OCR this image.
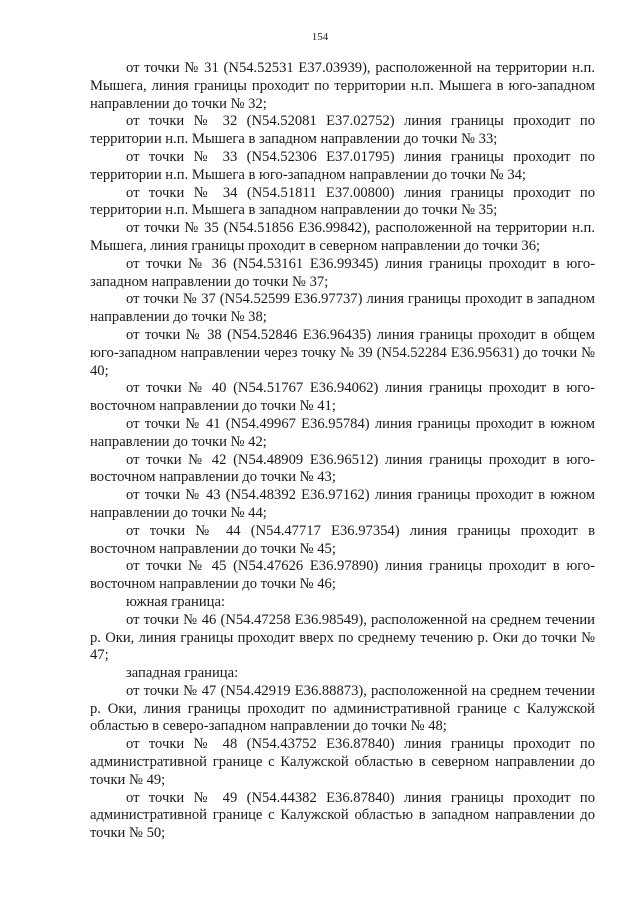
154

от точки № 31 (N54.52531 E37.03939), расположенной на территории н.п. Мышега, линия границы проходит по территории н.п. Мышега в юго-западном направлении до точки № 32;

от точки № 32 (N54.52081 E37.02752) линия границы проходит по территории н.п. Мышега в западном направлении до точки № 33;

от точки № 33 (N54.52306 E37.01795) линия границы проходит по территории н.п. Мышега в юго-западном направлении до точки № 34;

от точки № 34 (N54.51811 E37.00800) линия границы проходит по территории н.п. Мышега в западном направлении до точки № 35;

от точки № 35 (N54.51856 E36.99842), расположенной на территории н.п. Мышега, линия границы проходит в северном направлении до точки 36;

от точки № 36 (N54.53161 E36.99345) линия границы проходит в юго-западном направлении до точки № 37;

от точки № 37 (N54.52599 E36.97737) линия границы проходит в западном направлении до точки № 38;

от точки № 38 (N54.52846 E36.96435) линия границы проходит в общем юго-западном направлении через точку № 39 (N54.52284 E36.95631) до точки № 40;

от точки № 40 (N54.51767 E36.94062) линия границы проходит в юго-восточном направлении до точки № 41;

от точки № 41 (N54.49967 E36.95784) линия границы проходит в южном направлении до точки № 42;

от точки № 42 (N54.48909 E36.96512) линия границы проходит в юго-восточном направлении до точки № 43;

от точки № 43 (N54.48392 E36.97162) линия границы проходит в южном направлении до точки № 44;

от точки № 44 (N54.47717 E36.97354) линия границы проходит в восточном направлении до точки № 45;

от точки № 45 (N54.47626 E36.97890) линия границы проходит в юго-восточном направлении до точки № 46;

южная граница:

от точки № 46 (N54.47258 E36.98549), расположенной на среднем течении р. Оки, линия границы проходит вверх по среднему течению р. Оки до точки № 47;

западная граница:

от точки № 47 (N54.42919 E36.88873), расположенной на среднем течении р. Оки, линия границы проходит по административной границе с Калужской областью в северо-западном направлении до точки № 48;

от точки № 48 (N54.43752 E36.87840) линия границы проходит по административной границе с Калужской областью в северном направлении до точки № 49;

от точки № 49 (N54.44382 E36.87840) линия границы проходит по административной границе с Калужской областью в западном направлении до точки № 50;
